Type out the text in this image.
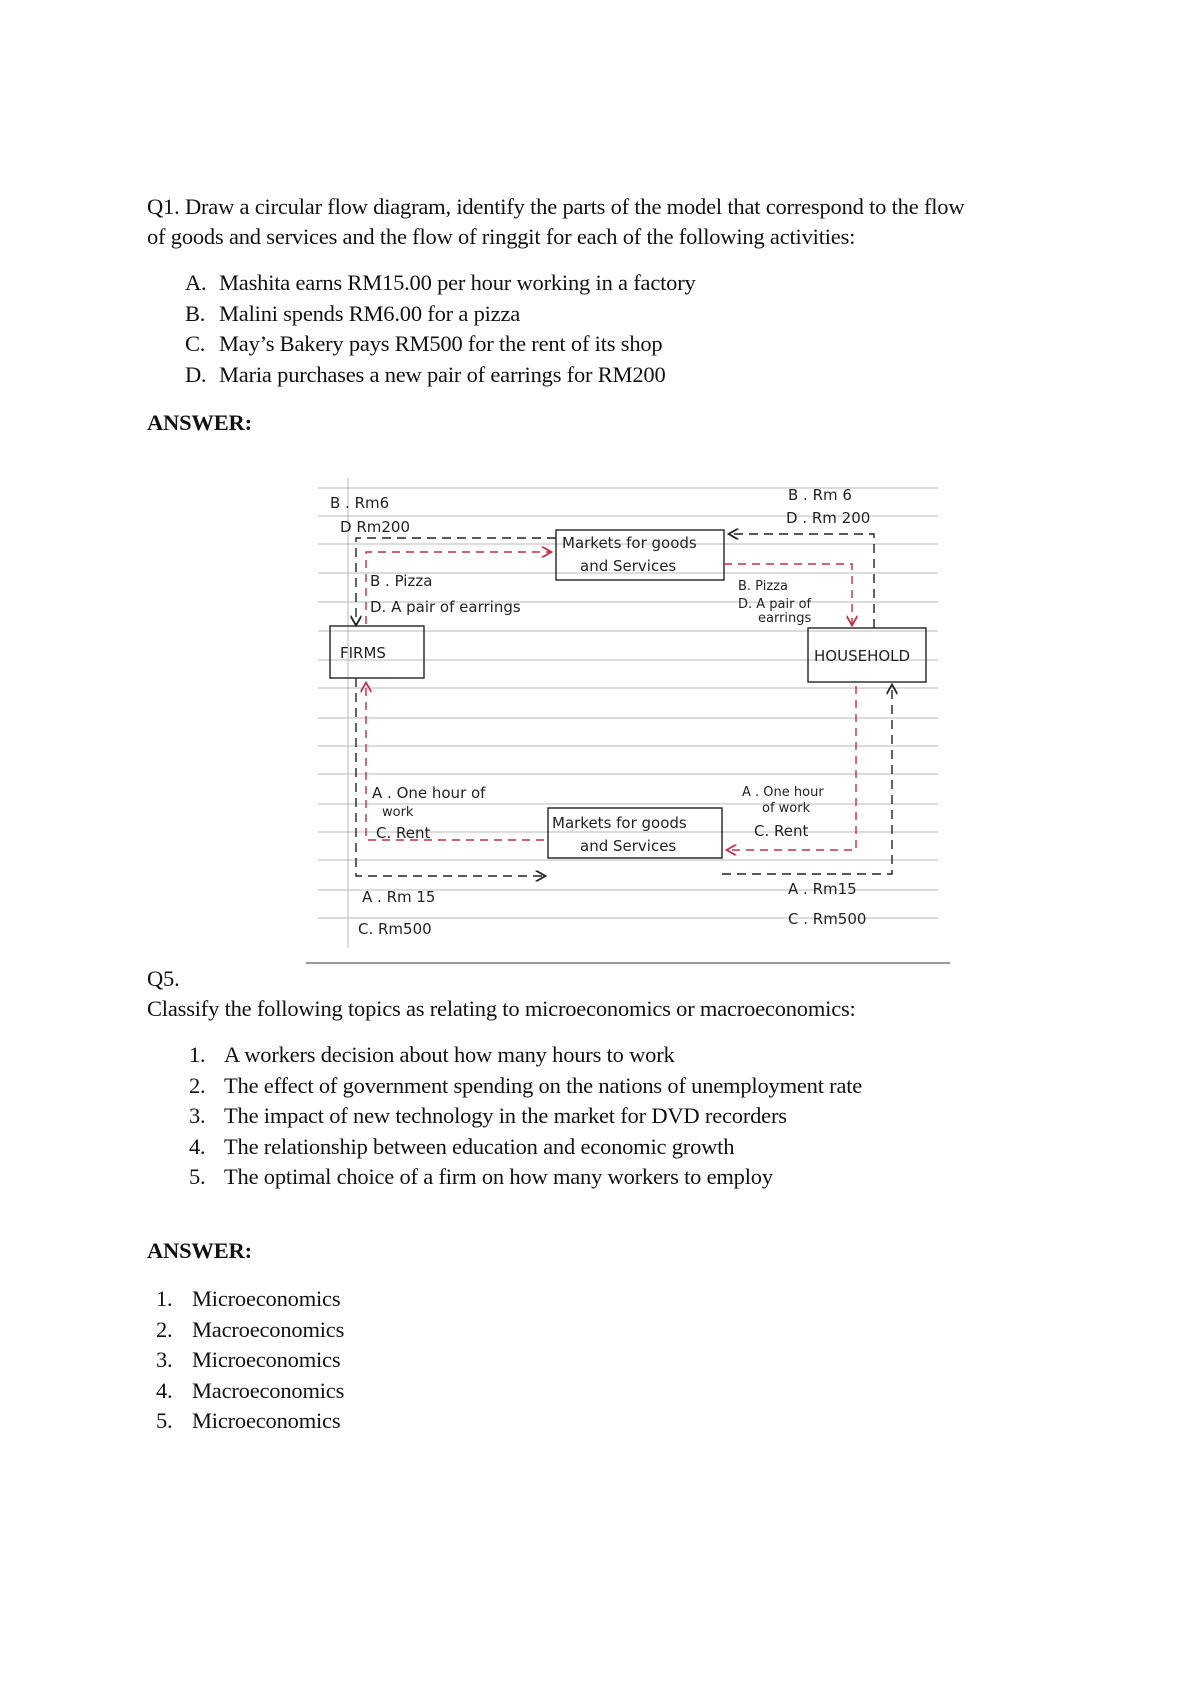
Q1. Draw a circular flow diagram, identify the parts of the model that correspond to the flow
of goods and services and the flow of ringgit for each of the following activities:
A. Mashita earns RM15.00 per hour working in a factory
B. Malini spends RM6.00 for a pizza
C. May’s Bakery pays RM500 for the rent of its shop
D. Maria purchases a new pair of earrings for RM200
ANSWER:
Markets for goods
and Services
FIRMS	HOUSEHOLD
Markets for goods
and Services
B . Rm6
D Rm200
B . Rm 6
D . Rm 200
B . Pizza
D. A pair of earrings
B. Pizza
D. A pair of
earrings
A . One hour of
work
C. Rent
A . One hour
of work
C. Rent
A . Rm 15
C. Rm500
A . Rm15
C . Rm500
Q5.
Classify the following topics as relating to microeconomics or macroeconomics:
1. A workers decision about how many hours to work
2. The effect of government spending on the nations of unemployment rate
3. The impact of new technology in the market for DVD recorders
4. The relationship between education and economic growth
5. The optimal choice of a firm on how many workers to employ
ANSWER:
1. Microeconomics
2. Macroeconomics
3. Microeconomics
4. Macroeconomics
5. Microeconomics
